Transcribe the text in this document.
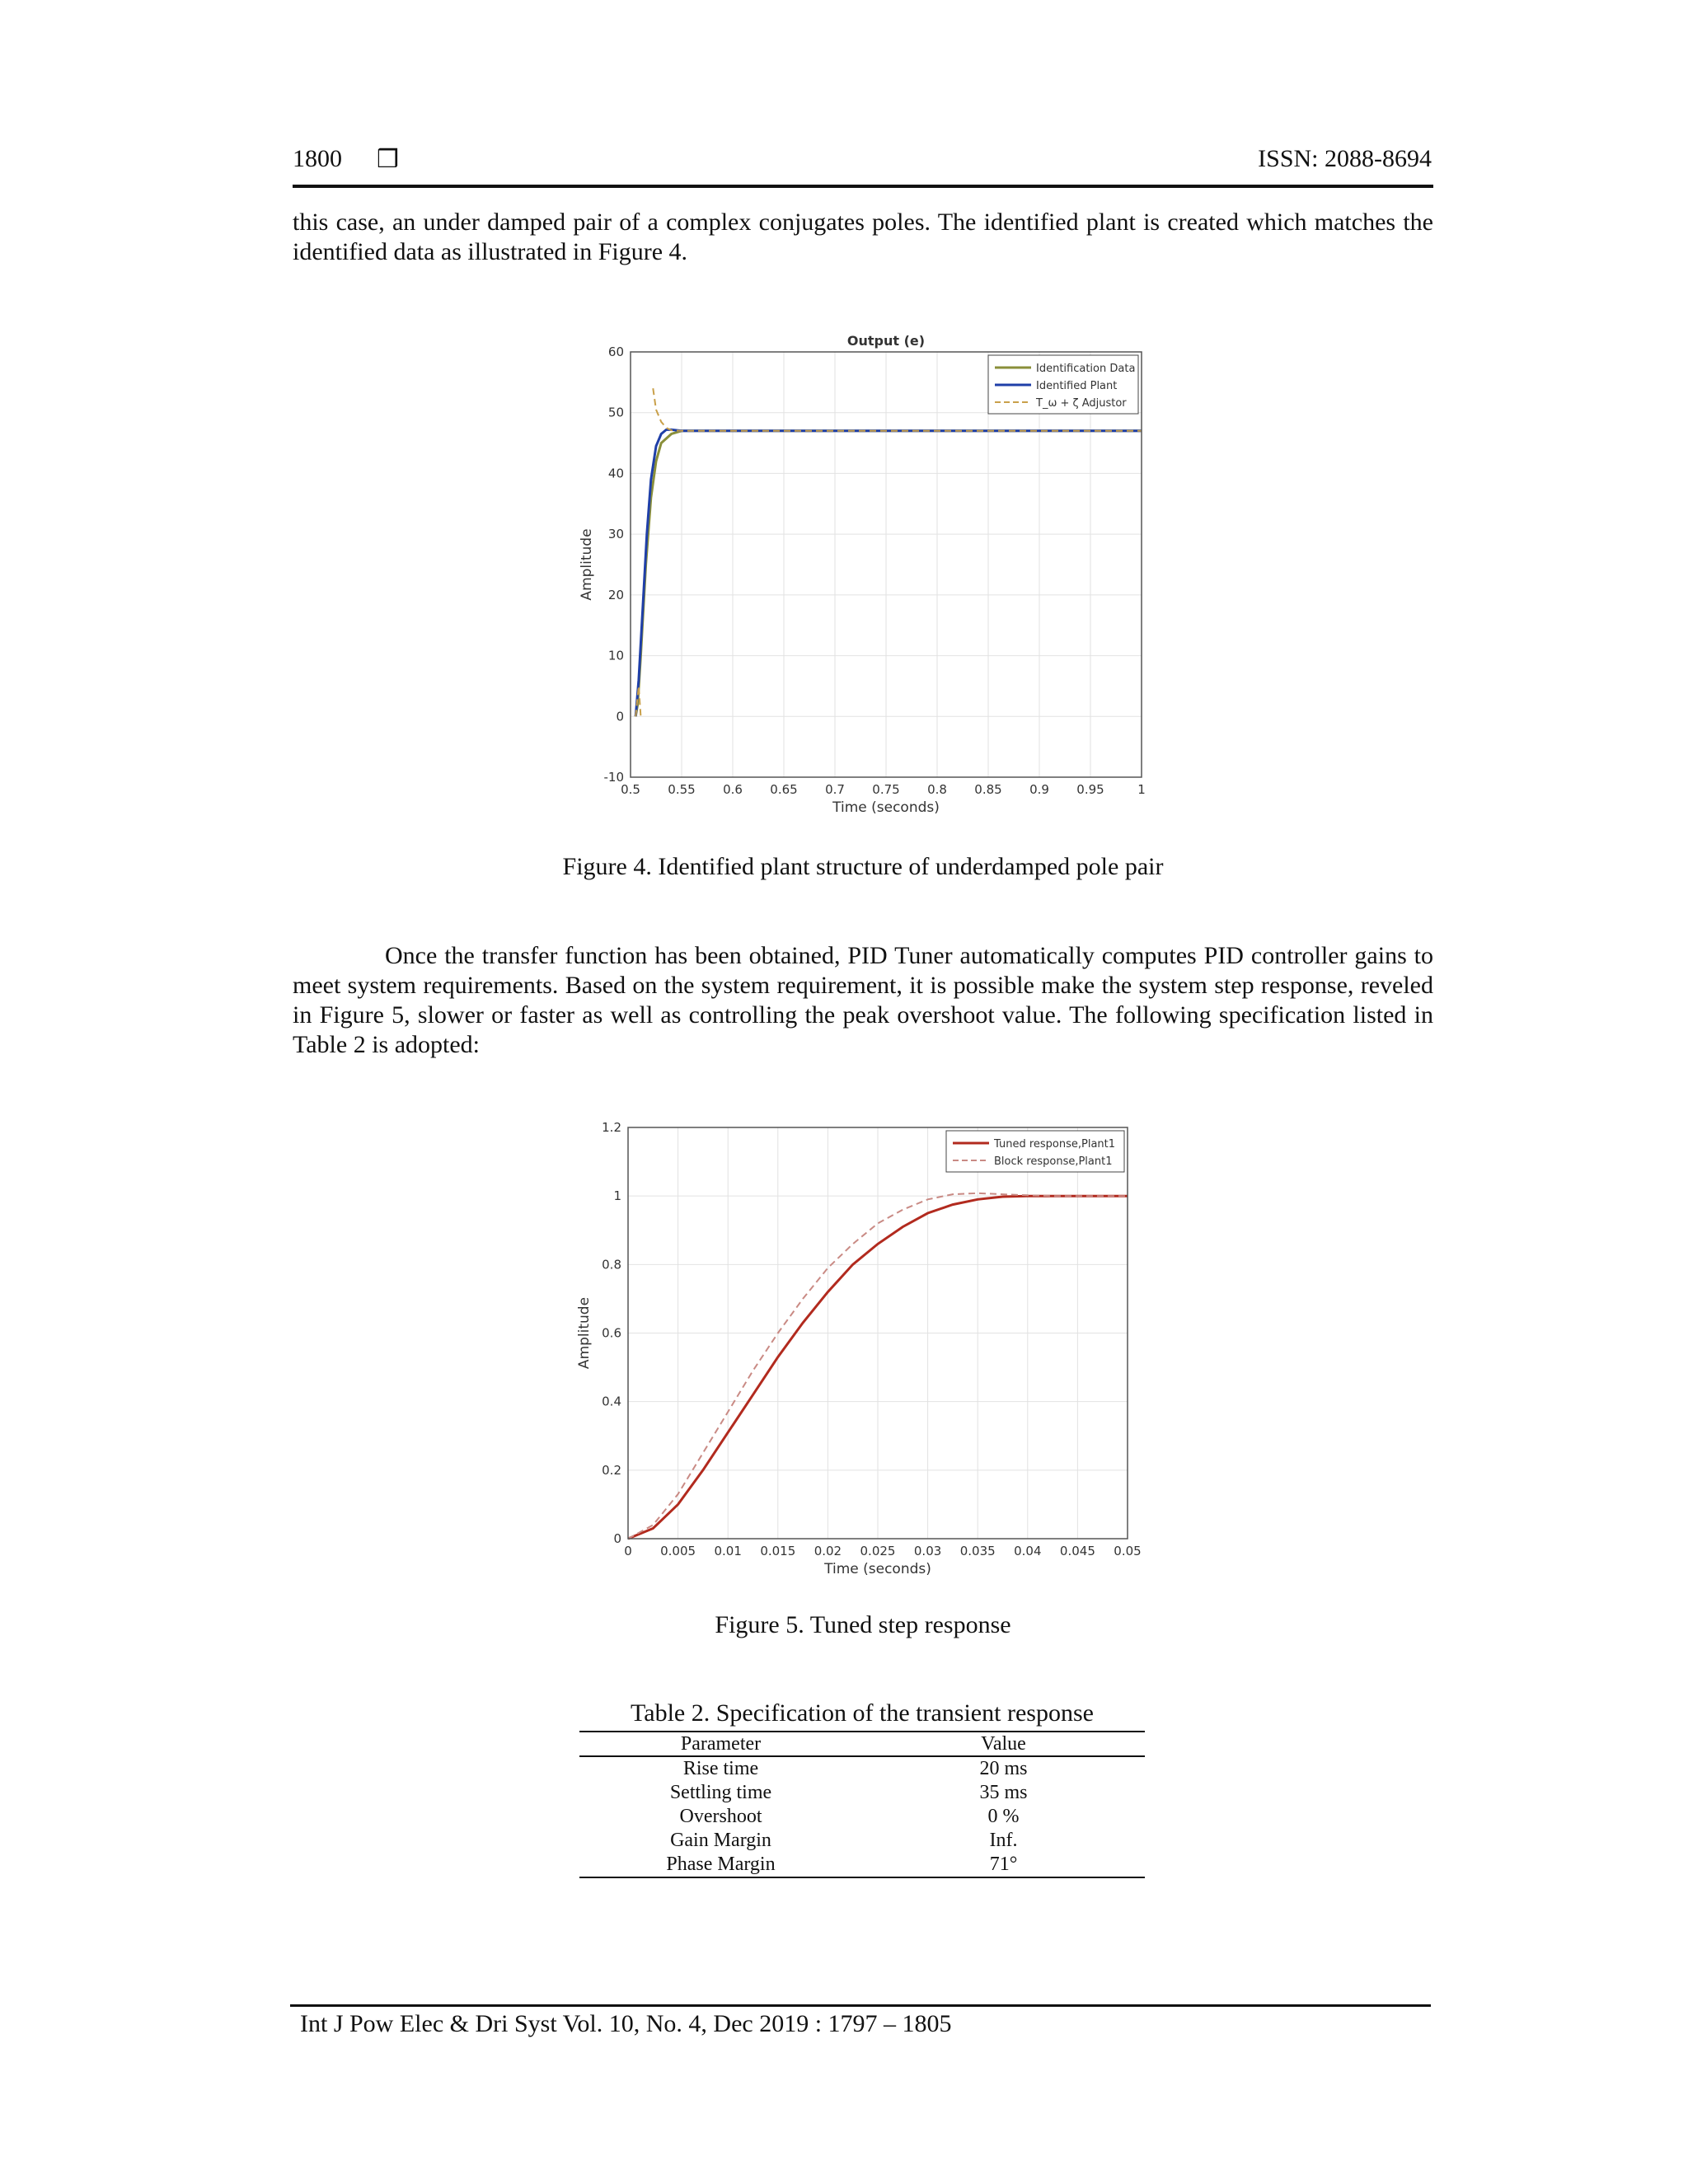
1800 ❒	ISSN: 2088-8694

this case, an under damped pair of a complex conjugates poles. The identified plant is created which matches the identified data as illustrated in Figure 4.

0.5 0.55 0.6 0.65 0.7 0.75 0.8 0.85 0.9 0.95	1
-10
0
10
20
30
40
50
60
Time (seconds)
Amplitude
Output (e)
Identification Data
Identified Plant
T_ω + ζ Adjustor

Figure 4. Identified plant structure of underdamped pole pair

Once the transfer function has been obtained, PID Tuner automatically computes PID controller gains to meet system requirements. Based on the system requirement, it is possible make the system step response, reveled in Figure 5, slower or faster as well as controlling the peak overshoot value. The following specification listed in Table 2 is adopted:

0 0.005 0.01 0.015 0.02 0.025 0.03 0.035 0.04 0.045 0.05
0
0.2
0.4
0.6
0.8
1
1.2
Time (seconds)
Amplitude
Tuned response,Plant1
Block response,Plant1

Figure 5. Tuned step response

Table 2. Specification of the transient response

Parameter	Value
Rise time	20 ms
Settling time	35 ms
Overshoot	0 %
Gain Margin	Inf.
Phase Margin	71°
Int J Pow Elec & Dri Syst Vol. 10, No. 4, Dec 2019 : 1797 – 1805
